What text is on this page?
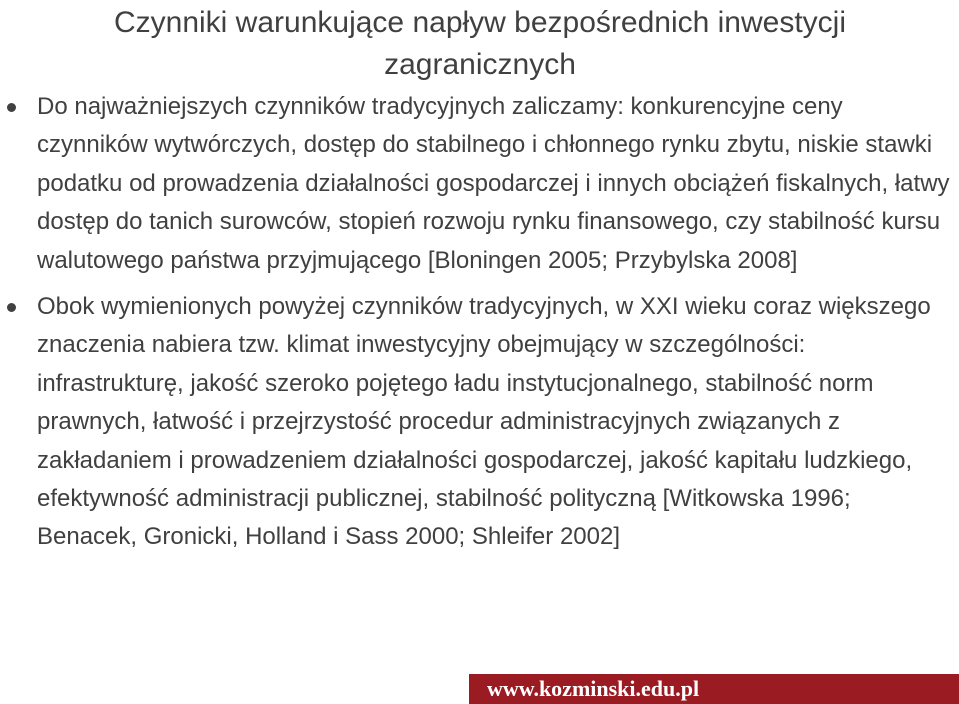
Czynniki warunkujące napływ bezpośrednich inwestycji zagranicznych
Do najważniejszych czynników tradycyjnych zaliczamy: konkurencyjne ceny czynników wytwórczych, dostęp do stabilnego i chłonnego rynku zbytu, niskie stawki podatku od prowadzenia działalności gospodarczej i innych obciążeń fiskalnych, łatwy dostęp do tanich surowców, stopień rozwoju rynku finansowego, czy stabilność kursu walutowego państwa przyjmującego [Bloningen 2005; Przybylska 2008]
Obok wymienionych powyżej czynników tradycyjnych, w XXI wieku coraz większego znaczenia nabiera tzw. klimat inwestycyjny obejmujący w szczególności: infrastrukturę, jakość szeroko pojętego ładu instytucjonalnego, stabilność norm prawnych, łatwość i przejrzystość procedur administracyjnych związanych z zakładaniem i prowadzeniem działalności gospodarczej, jakość kapitału ludzkiego, efektywność administracji publicznej, stabilność polityczną [Witkowska 1996; Benacek, Gronicki, Holland i Sass 2000; Shleifer 2002]
www.kozminski.edu.pl
